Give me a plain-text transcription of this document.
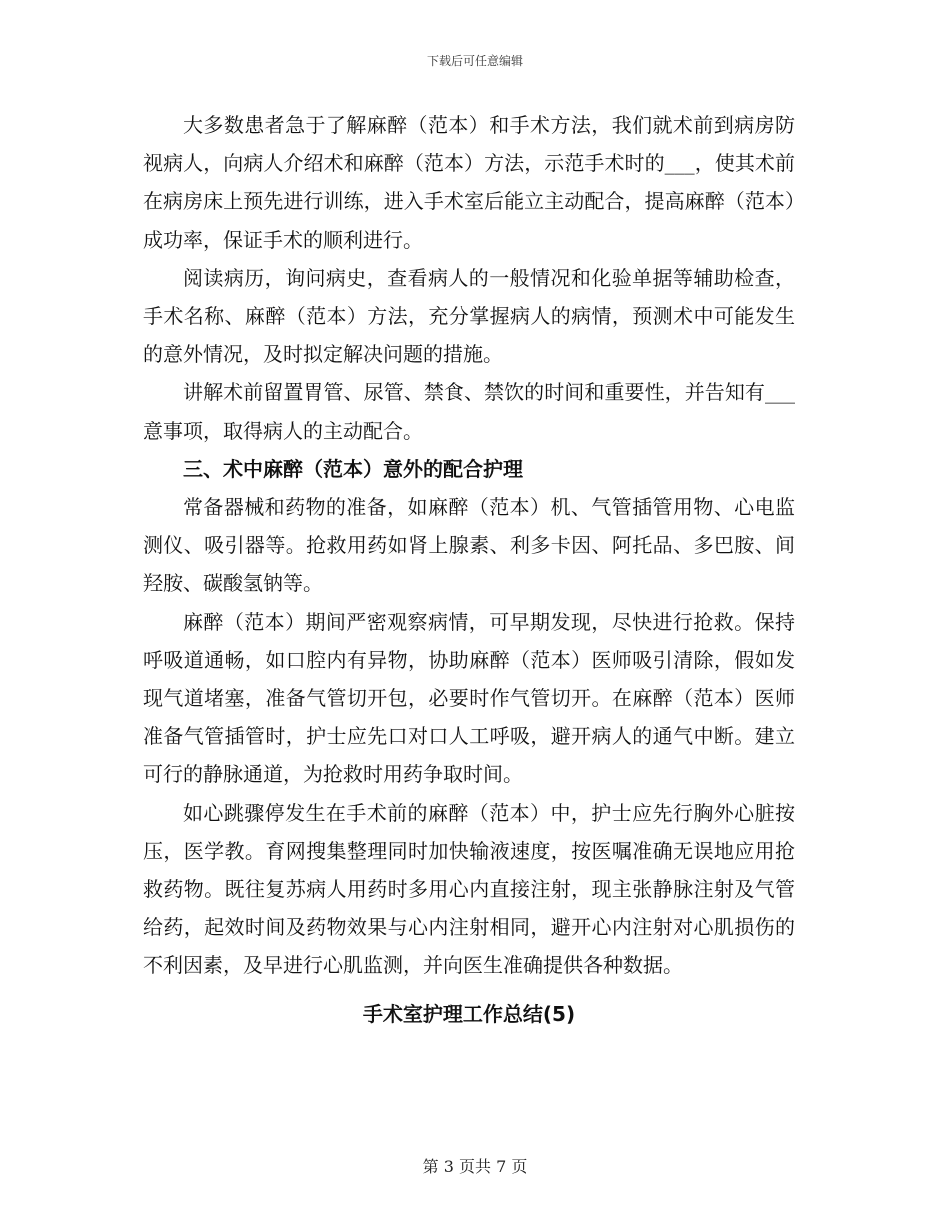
下载后可任意编辑

大多数患者急于了解麻醉（范本）和手术方法，我们就术前到病房防视病人，向病人介绍术和麻醉（范本）方法，示范手术时的___，使其术前在病房床上预先进行训练，进入手术室后能立主动配合，提高麻醉（范本）成功率，保证手术的顺利进行。

阅读病历，询问病史，查看病人的一般情况和化验单据等辅助检查，手术名称、麻醉（范本）方法，充分掌握病人的病情，预测术中可能发生的意外情况，及时拟定解决问题的措施。

讲解术前留置胃管、尿管、禁食、禁饮的时间和重要性，并告知有___意事项，取得病人的主动配合。

三、术中麻醉（范本）意外的配合护理

常备器械和药物的准备，如麻醉（范本）机、气管插管用物、心电监测仪、吸引器等。抢救用药如肾上腺素、利多卡因、阿托品、多巴胺、间羟胺、碳酸氢钠等。

麻醉（范本）期间严密观察病情，可早期发现，尽快进行抢救。保持呼吸道通畅，如口腔内有异物，协助麻醉（范本）医师吸引清除，假如发现气道堵塞，准备气管切开包，必要时作气管切开。在麻醉（范本）医师准备气管插管时，护士应先口对口人工呼吸，避开病人的通气中断。建立可行的静脉通道，为抢救时用药争取时间。

如心跳骤停发生在手术前的麻醉（范本）中，护士应先行胸外心脏按压，医学教。育网搜集整理同时加快输液速度，按医嘱准确无误地应用抢救药物。既往复苏病人用药时多用心内直接注射，现主张静脉注射及气管给药，起效时间及药物效果与心内注射相同，避开心内注射对心肌损伤的不利因素，及早进行心肌监测，并向医生准确提供各种数据。

手术室护理工作总结(5)

第 3 页共 7 页
